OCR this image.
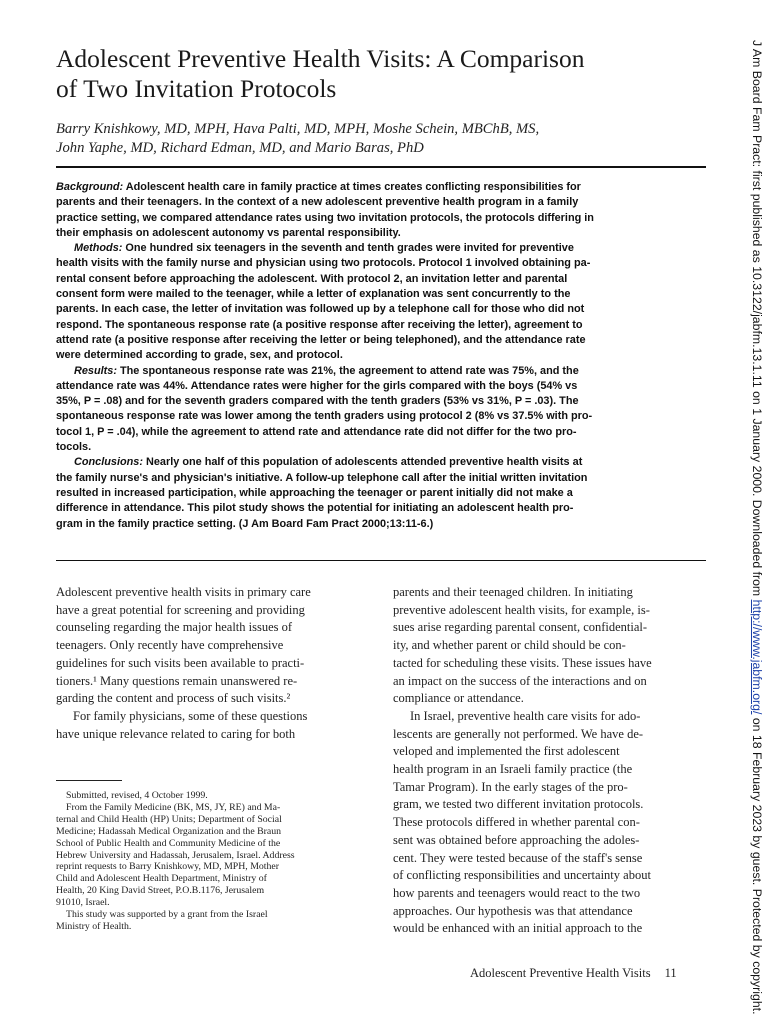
Adolescent Preventive Health Visits: A Comparison
of Two Invitation Protocols
Barry Knishkowy, MD, MPH, Hava Palti, MD, MPH, Moshe Schein, MBChB, MS,
John Yaphe, MD, Richard Edman, MD, and Mario Baras, PhD
Background: Adolescent health care in family practice at times creates conflicting responsibilities for
parents and their teenagers. In the context of a new adolescent preventive health program in a family
practice setting, we compared attendance rates using two invitation protocols, the protocols differing in
their emphasis on adolescent autonomy vs parental responsibility.
Methods: One hundred six teenagers in the seventh and tenth grades were invited for preventive
health visits with the family nurse and physician using two protocols. Protocol 1 involved obtaining pa-
rental consent before approaching the adolescent. With protocol 2, an invitation letter and parental
consent form were mailed to the teenager, while a letter of explanation was sent concurrently to the
parents. In each case, the letter of invitation was followed up by a telephone call for those who did not
respond. The spontaneous response rate (a positive response after receiving the letter), agreement to
attend rate (a positive response after receiving the letter or being telephoned), and the attendance rate
were determined according to grade, sex, and protocol.
Results: The spontaneous response rate was 21%, the agreement to attend rate was 75%, and the
attendance rate was 44%. Attendance rates were higher for the girls compared with the boys (54% vs
35%, P = .08) and for the seventh graders compared with the tenth graders (53% vs 31%, P = .03). The
spontaneous response rate was lower among the tenth graders using protocol 2 (8% vs 37.5% with pro-
tocol 1, P = .04), while the agreement to attend rate and attendance rate did not differ for the two pro-
tocols.
Conclusions: Nearly one half of this population of adolescents attended preventive health visits at
the family nurse's and physician's initiative. A follow-up telephone call after the initial written invitation
resulted in increased participation, while approaching the teenager or parent initially did not make a
difference in attendance. This pilot study shows the potential for initiating an adolescent health pro-
gram in the family practice setting. (J Am Board Fam Pract 2000;13:11-6.)
Adolescent preventive health visits in primary care
have a great potential for screening and providing
counseling regarding the major health issues of
teenagers. Only recently have comprehensive
guidelines for such visits been available to practi-
tioners.¹ Many questions remain unanswered re-
garding the content and process of such visits.²
For family physicians, some of these questions
have unique relevance related to caring for both
parents and their teenaged children. In initiating
preventive adolescent health visits, for example, is-
sues arise regarding parental consent, confidential-
ity, and whether parent or child should be con-
tacted for scheduling these visits. These issues have
an impact on the success of the interactions and on
compliance or attendance.
In Israel, preventive health care visits for ado-
lescents are generally not performed. We have de-
veloped and implemented the first adolescent
health program in an Israeli family practice (the
Tamar Program). In the early stages of the pro-
gram, we tested two different invitation protocols.
These protocols differed in whether parental con-
sent was obtained before approaching the adoles-
cent. They were tested because of the staff's sense
of conflicting responsibilities and uncertainty about
how parents and teenagers would react to the two
approaches. Our hypothesis was that attendance
would be enhanced with an initial approach to the
Submitted, revised, 4 October 1999.
From the Family Medicine (BK, MS, JY, RE) and Ma-
ternal and Child Health (HP) Units; Department of Social
Medicine; Hadassah Medical Organization and the Braun
School of Public Health and Community Medicine of the
Hebrew University and Hadassah, Jerusalem, Israel. Address
reprint requests to Barry Knishkowy, MD, MPH, Mother
Child and Adolescent Health Department, Ministry of
Health, 20 King David Street, P.O.B.1176, Jerusalem
91010, Israel.
This study was supported by a grant from the Israel
Ministry of Health.
Adolescent Preventive Health Visits 11
J Am Board Fam Pract: first published as 10.3122/jabfm.13.1.11 on 1 January 2000. Downloaded from http://www.jabfm.org/ on 18 February 2023 by guest. Protected by copyright.
